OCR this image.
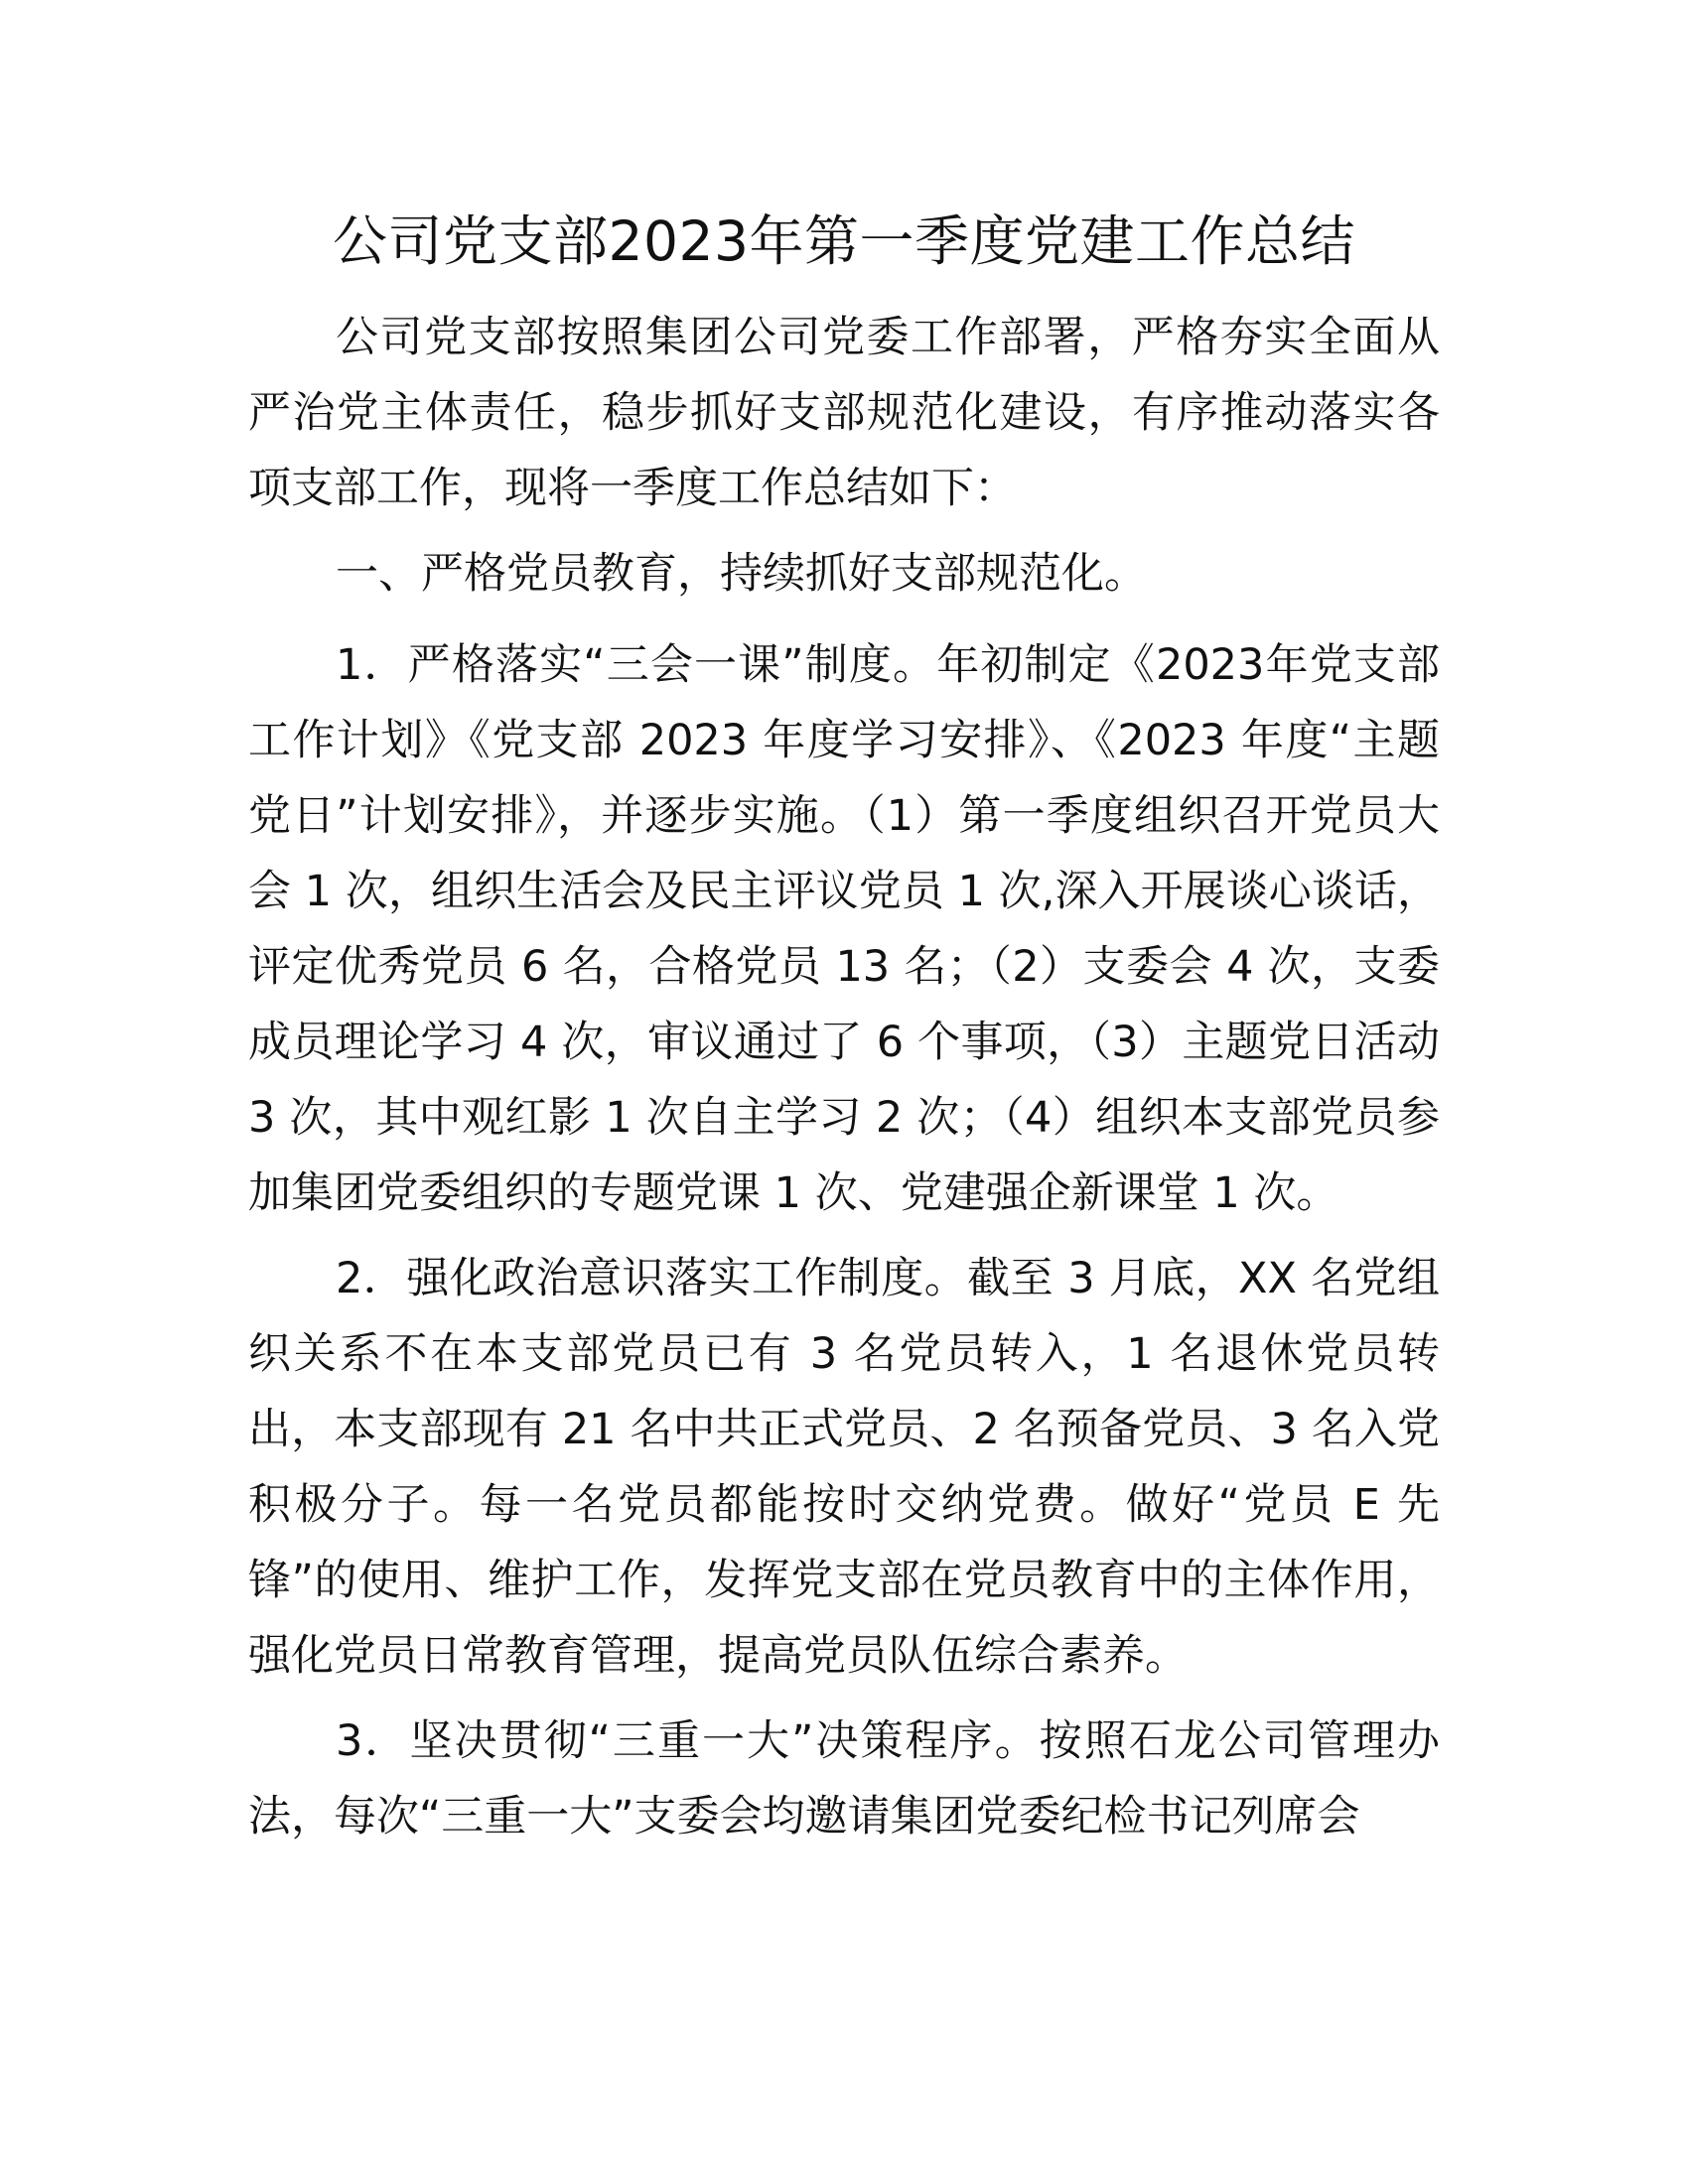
公司党支部2023年第一季度党建工作总结

公司党支部按照集团公司党委工作部署，严格夯实全面从严治党主体责任，稳步抓好支部规范化建设，有序推动落实各项支部工作，现将一季度工作总结如下：

一、严格党员教育，持续抓好支部规范化。

1．严格落实“三会一课”制度。年初制定《2023年党支部工作计划》《党支部 2023 年度学习安排》、《2023 年度“主题党日”计划安排》，并逐步实施。（1）第一季度组织召开党员大会 1 次，组织生活会及民主评议党员 1 次,深入开展谈心谈话，评定优秀党员 6 名，合格党员 13 名；（2）支委会 4 次，支委成员理论学习 4 次，审议通过了 6 个事项，（3）主题党日活动 3 次，其中观红影 1 次自主学习 2 次；（4）组织本支部党员参加集团党委组织的专题党课 1 次、党建强企新课堂 1 次。

2．强化政治意识落实工作制度。截至 3 月底，XX 名党组织关系不在本支部党员已有 3 名党员转入，1 名退休党员转出，本支部现有 21 名中共正式党员、2 名预备党员、3 名入党积极分子。每一名党员都能按时交纳党费。做好“党员 E 先锋”的使用、维护工作，发挥党支部在党员教育中的主体作用，强化党员日常教育管理，提高党员队伍综合素养。

3．坚决贯彻“三重一大”决策程序。按照石龙公司管理办法，每次“三重一大”支委会均邀请集团党委纪检书记列席会
